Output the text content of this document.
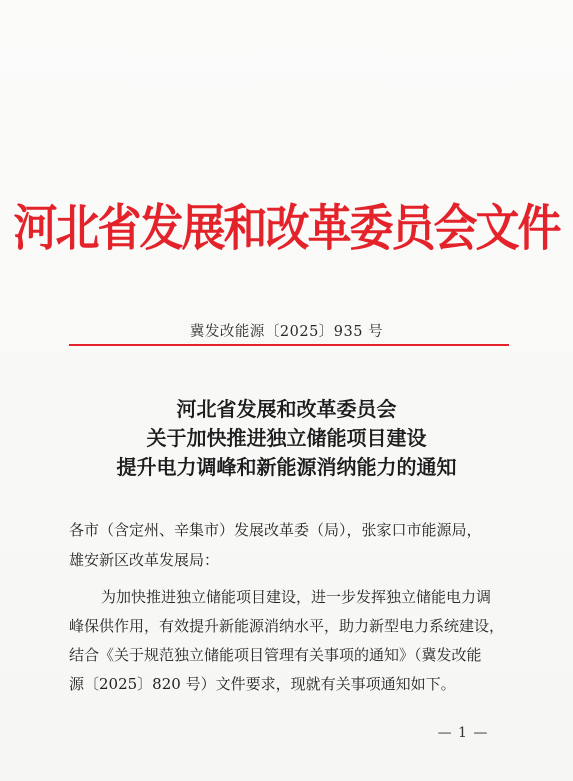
河北省发展和改革委员会文件
冀发改能源〔2025〕935 号
河北省发展和改革委员会
关于加快推进独立储能项目建设
提升电力调峰和新能源消纳能力的通知
各市（含定州、辛集市）发展改革委（局），张家口市能源局，
雄安新区改革发展局：
为加快推进独立储能项目建设，进一步发挥独立储能电力调
峰保供作用，有效提升新能源消纳水平，助力新型电力系统建设，
结合《关于规范独立储能项目管理有关事项的通知》（冀发改能
源〔2025〕820 号）文件要求，现就有关事项通知如下。
— 1 —
